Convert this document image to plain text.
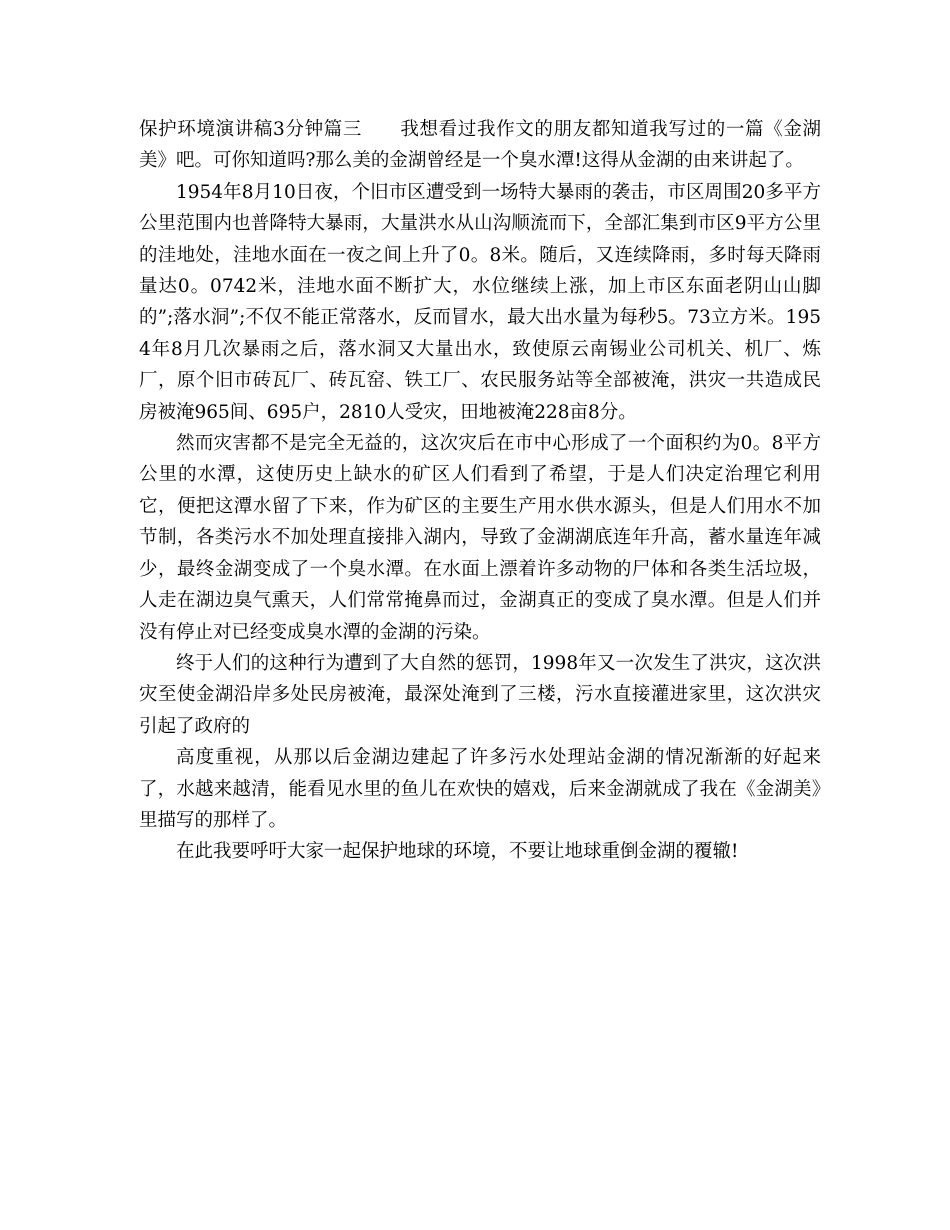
保护环境演讲稿3分钟篇三　　我想看过我作文的朋友都知道我写过的一篇《金湖美》吧。可你知道吗?那么美的金湖曾经是一个臭水潭!这得从金湖的由来讲起了。

1954年8月10日夜，个旧市区遭受到一场特大暴雨的袭击，市区周围20多平方公里范围内也普降特大暴雨，大量洪水从山沟顺流而下，全部汇集到市区9平方公里的洼地处，洼地水面在一夜之间上升了0。8米。随后，又连续降雨，多时每天降雨量达0。0742米，洼地水面不断扩大，水位继续上涨，加上市区东面老阴山山脚的”;落水洞”;不仅不能正常落水，反而冒水，最大出水量为每秒5。73立方米。1954年8月几次暴雨之后，落水洞又大量出水，致使原云南锡业公司机关、机厂、炼厂，原个旧市砖瓦厂、砖瓦窑、铁工厂、农民服务站等全部被淹，洪灾一共造成民房被淹965间、695户，2810人受灾，田地被淹228亩8分。

然而灾害都不是完全无益的，这次灾后在市中心形成了一个面积约为0。8平方公里的水潭，这使历史上缺水的矿区人们看到了希望，于是人们决定治理它利用它，便把这潭水留了下来，作为矿区的主要生产用水供水源头，但是人们用水不加节制，各类污水不加处理直接排入湖内，导致了金湖湖底连年升高，蓄水量连年减少，最终金湖变成了一个臭水潭。在水面上漂着许多动物的尸体和各类生活垃圾，人走在湖边臭气熏天，人们常常掩鼻而过，金湖真正的变成了臭水潭。但是人们并没有停止对已经变成臭水潭的金湖的污染。

终于人们的这种行为遭到了大自然的惩罚，1998年又一次发生了洪灾，这次洪灾至使金湖沿岸多处民房被淹，最深处淹到了三楼，污水直接灌进家里，这次洪灾引起了政府的

高度重视，从那以后金湖边建起了许多污水处理站金湖的情况渐渐的好起来了，水越来越清，能看见水里的鱼儿在欢快的嬉戏，后来金湖就成了我在《金湖美》里描写的那样了。

在此我要呼吁大家一起保护地球的环境，不要让地球重倒金湖的覆辙!
